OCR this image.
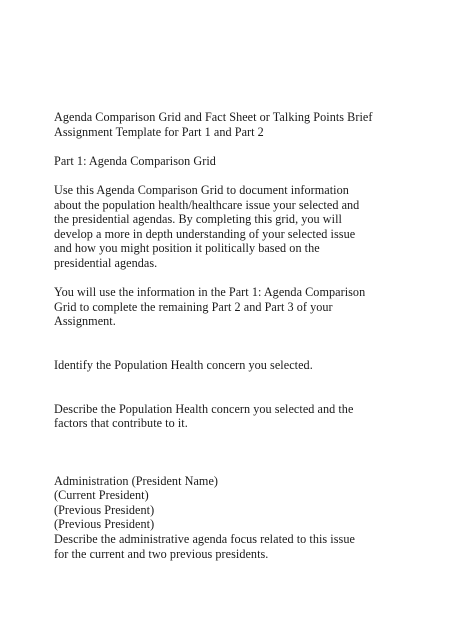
Agenda Comparison Grid and Fact Sheet or Talking Points Brief
Assignment Template for Part 1 and Part 2

Part 1: Agenda Comparison Grid

Use this Agenda Comparison Grid to document information
about the population health/healthcare issue your selected and
the presidential agendas. By completing this grid, you will
develop a more in depth understanding of your selected issue
and how you might position it politically based on the
presidential agendas.

You will use the information in the Part 1: Agenda Comparison
Grid to complete the remaining Part 2 and Part 3 of your
Assignment.

Identify the Population Health concern you selected.

Describe the Population Health concern you selected and the
factors that contribute to it.

Administration (President Name)

(Current President)

(Previous President)

(Previous President)

Describe the administrative agenda focus related to this issue
for the current and two previous presidents.
